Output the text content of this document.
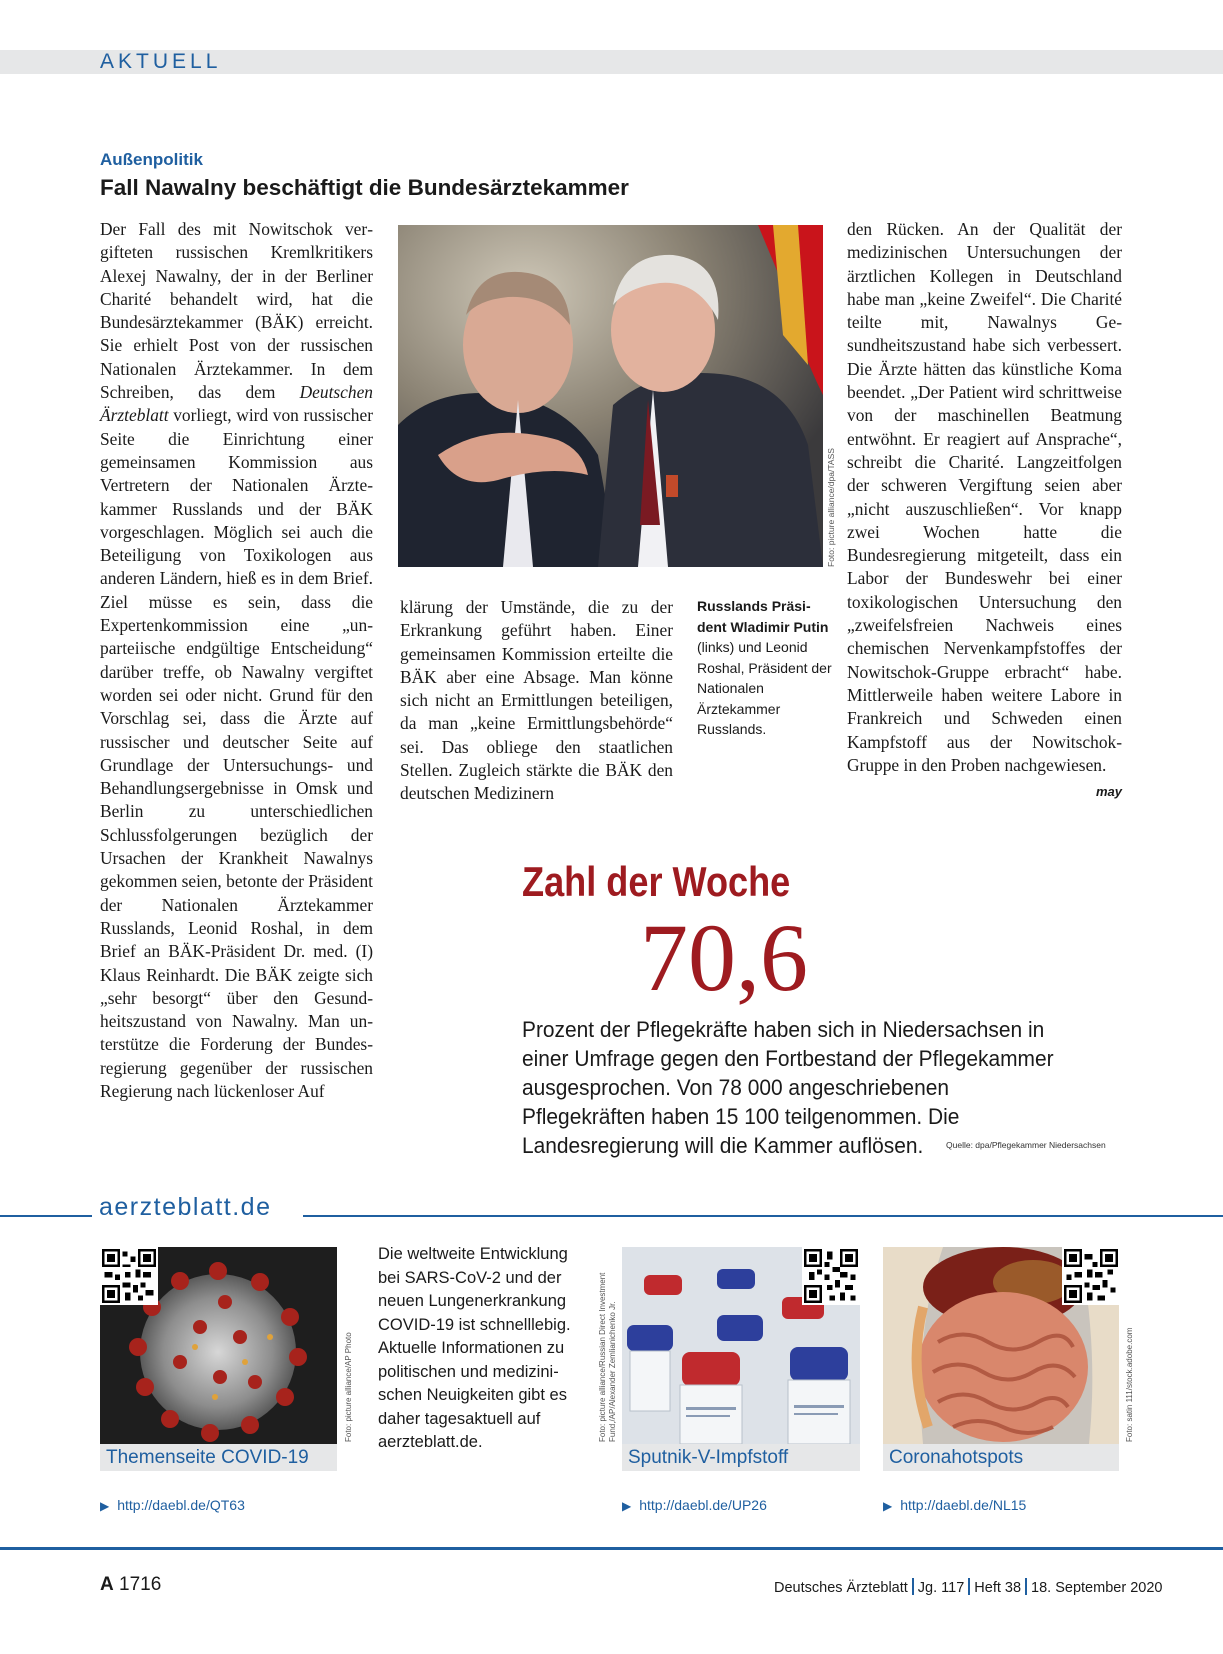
AKTUELL
Außenpolitik
Fall Nawalny beschäftigt die Bundesärztekammer

Der Fall des mit Nowitschok vergifteten russischen Kremlkritikers Alexej Nawalny, der in der Berliner Charité behandelt wird, hat die Bundesärztekammer (BÄK) erreicht. Sie erhielt Post von der russischen Nationalen Ärztekammer. In dem Schreiben, das dem Deutschen Ärzteblatt vorliegt, wird von russischer Seite die Einrichtung einer gemeinsamen Kommission aus Vertretern der Nationalen Ärztekammer Russlands und der BÄK vorgeschlagen. Möglich sei auch die Beteiligung von Toxikologen aus anderen Ländern, hieß es in dem Brief. Ziel müsse es sein, dass die Expertenkommission eine „unparteiische endgültige Entscheidung“ darüber treffe, ob Nawalny vergiftet worden sei oder nicht. Grund für den Vorschlag sei, dass die Ärzte auf russischer und deutscher Seite auf Grundlage der Untersuchungs- und Behandlungsergebnisse in Omsk und Berlin zu unterschiedlichen Schlussfolgerungen bezüglich der Ursachen der Krankheit Nawalnys gekommen seien, betonte der Präsident der Nationalen Ärztekammer Russlands, Leonid Roshal, in dem Brief an BÄK-Präsident Dr. med. (I) Klaus Reinhardt. Die BÄK zeigte sich „sehr besorgt“ über den Gesundheitszustand von Nawalny. Man unterstütze die Forderung der Bundesregierung gegenüber der russischen Regierung nach lückenloser Auf

Foto: picture alliance/dpa/TASS

klärung der Umstände, die zu der Erkrankung geführt haben. Einer gemeinsamen Kommission erteilte die BÄK aber eine Absage. Man könne sich nicht an Ermittlungen beteiligen, da man „keine Ermittlungsbehörde“ sei. Das obliege den staatlichen Stellen. Zugleich stärkte die BÄK den deutschen Medizinern

Russlands Präsident Wladimir Putin (links) und Leonid Roshal, Präsident der Nationalen Ärztekammer Russlands.

den Rücken. An der Qualität der medizinischen Untersuchungen der ärztlichen Kollegen in Deutschland habe man „keine Zweifel“. Die Charité teilte mit, Nawalnys Gesundheitszustand habe sich verbessert. Die Ärzte hätten das künstliche Koma beendet. „Der Patient wird schrittweise von der maschinellen Beatmung entwöhnt. Er reagiert auf Ansprache“, schreibt die Charité. Langzeitfolgen der schweren Vergiftung seien aber „nicht auszuschließen“. Vor knapp zwei Wochen hatte die Bundesregierung mitgeteilt, dass ein Labor der Bundeswehr bei einer toxikologischen Untersuchung den „zweifelsfreien Nachweis eines chemischen Nervenkampfstoffes der Nowitschok-Gruppe erbracht“ habe. Mittlerweile haben weitere Labore in Frankreich und Schweden einen Kampfstoff aus der Nowitschok-Gruppe in den Proben nachgewiesen.
may

Zahl der Woche
70,6
Prozent der Pflegekräfte haben sich in Niedersachsen in einer Umfrage gegen den Fortbestand der Pflegekammer ausgesprochen. Von 78 000 angeschriebenen Pflegekräften haben 15 100 teilgenommen. Die Landesregierung will die Kammer auflösen.	Quelle: dpa/Pflegekammer Niedersachsen
aerzteblatt.de
Themenseite COVID-19
Foto: picture alliance/AP Photo
▶ http://daebl.de/QT63
Die weltweite Entwicklung bei SARS-CoV-2 und der neuen Lungenerkrankung COVID-19 ist schnelllebig. Aktuelle Informationen zu politischen und medizinischen Neuigkeiten gibt es daher tagesaktuell auf aerzteblatt.de.	Foto: picture alliance/Russian Direct Investment Fund,/AP/Alexander Zemlianichenko Jr.
Sputnik-V-Impfstoff
▶ http://daebl.de/UP26
Coronahotspots
Foto: satin 111/stock.adobe.com
▶ http://daebl.de/NL15
A 1716	Deutsches Ärzteblatt Jg. 117 Heft 38 18. September 2020
